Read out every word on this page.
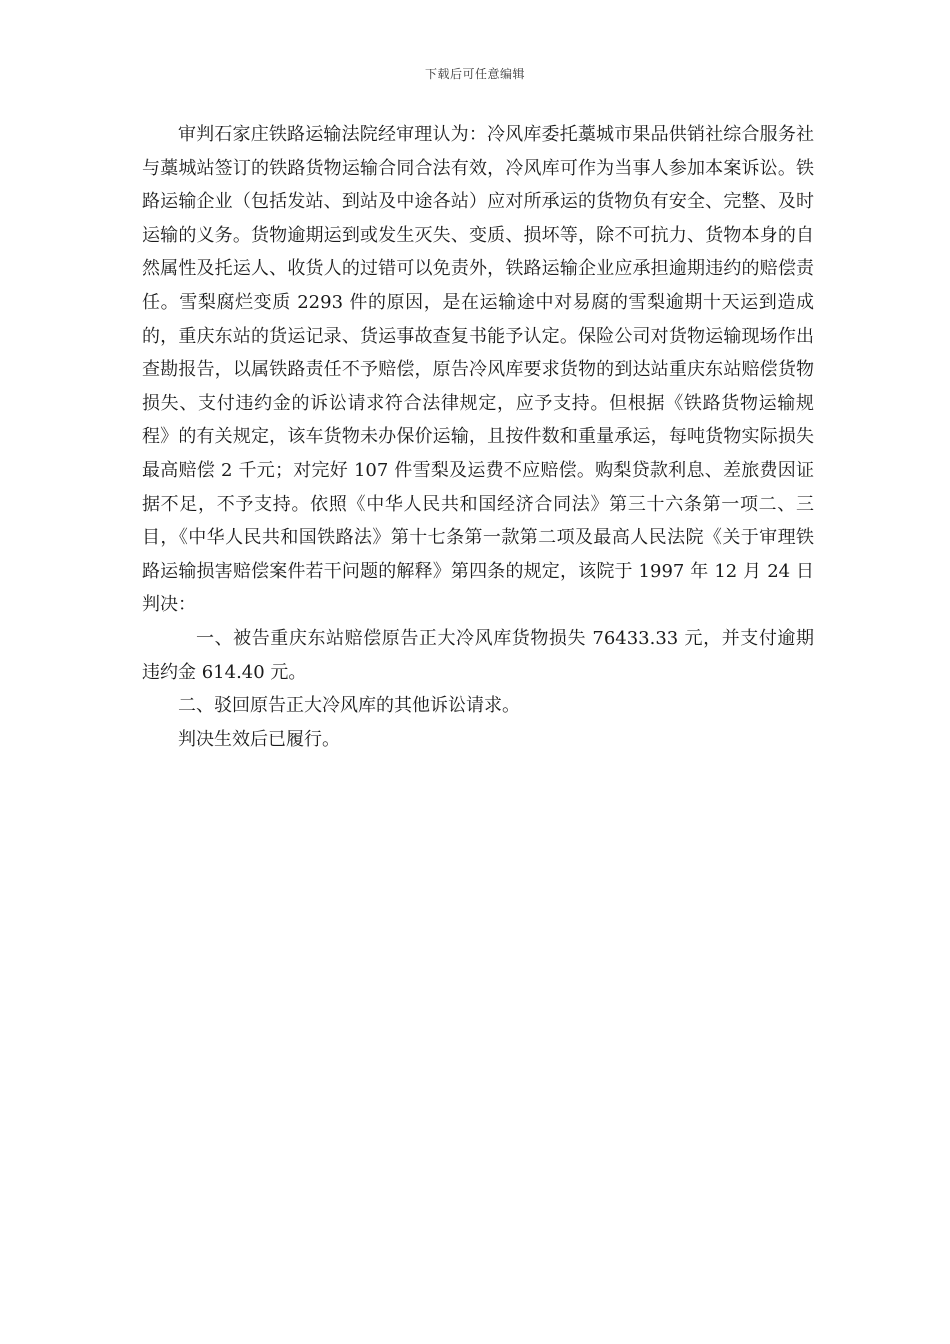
下载后可任意编辑

审判石家庄铁路运输法院经审理认为：冷风库委托藁城市果品供销社综合服务社与藁城站签订的铁路货物运输合同合法有效，冷风库可作为当事人参加本案诉讼。铁路运输企业（包括发站、到站及中途各站）应对所承运的货物负有安全、完整、及时运输的义务。货物逾期运到或发生灭失、变质、损坏等，除不可抗力、货物本身的自然属性及托运人、收货人的过错可以免责外，铁路运输企业应承担逾期违约的赔偿责任。雪梨腐烂变质 2293 件的原因，是在运输途中对易腐的雪梨逾期十天运到造成的，重庆东站的货运记录、货运事故查复书能予认定。保险公司对货物运输现场作出查勘报告，以属铁路责任不予赔偿，原告冷风库要求货物的到达站重庆东站赔偿货物损失、支付违约金的诉讼请求符合法律规定，应予支持。但根据《铁路货物运输规程》的有关规定，该车货物未办保价运输，且按件数和重量承运，每吨货物实际损失最高赔偿 2 千元；对完好 107 件雪梨及运费不应赔偿。购梨贷款利息、差旅费因证据不足，不予支持。依照《中华人民共和国经济合同法》第三十六条第一项二、三目，《中华人民共和国铁路法》第十七条第一款第二项及最高人民法院《关于审理铁路运输损害赔偿案件若干问题的解释》第四条的规定，该院于 1997 年 12 月 24 日判决：

一、被告重庆东站赔偿原告正大冷风库货物损失 76433.33 元，并支付逾期违约金 614.40 元。

二、驳回原告正大冷风库的其他诉讼请求。

判决生效后已履行。
